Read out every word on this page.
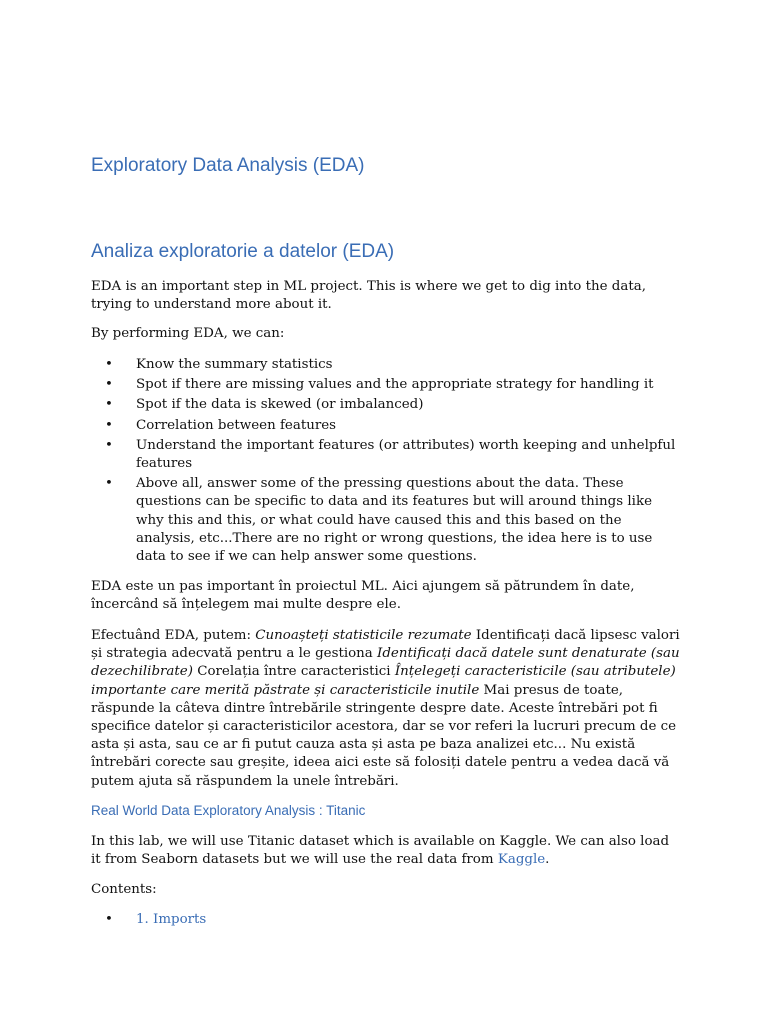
Exploratory Data Analysis (EDA)
Analiza exploratorie a datelor (EDA)

EDA is an important step in ML project. This is where we get to dig into the data, trying to understand more about it.

By performing EDA, we can:

• Know the summary statistics
• Spot if there are missing values and the appropriate strategy for handling it
• Spot if the data is skewed (or imbalanced)
• Correlation between features
• Understand the important features (or attributes) worth keeping and unhelpful features
• Above all, answer some of the pressing questions about the data. These questions can be specific to data and its features but will around things like why this and this, or what could have caused this and this based on the analysis, etc...There are no right or wrong questions, the idea here is to use data to see if we can help answer some questions.

EDA este un pas important în proiectul ML. Aici ajungem să pătrundem în date, încercând să înțelegem mai multe despre ele.

Efectuând EDA, putem: Cunoașteți statisticile rezumate Identificați dacă lipsesc valori și strategia adecvată pentru a le gestiona Identificați dacă datele sunt denaturate (sau dezechilibrate) Corelația între caracteristici Înțelegeți caracteristicile (sau atributele) importante care merită păstrate și caracteristicile inutile Mai presus de toate, răspunde la câteva dintre întrebările stringente despre date. Aceste întrebări pot fi specifice datelor și caracteristicilor acestora, dar se vor referi la lucruri precum de ce asta și asta, sau ce ar fi putut cauza asta și asta pe baza analizei etc... Nu există întrebări corecte sau greșite, ideea aici este să folosiți datele pentru a vedea dacă vă putem ajuta să răspundem la unele întrebări.

Real World Data Exploratory Analysis : Titanic

In this lab, we will use Titanic dataset which is available on Kaggle. We can also load it from Seaborn datasets but we will use the real data from Kaggle.

Contents:

• 1. Imports
